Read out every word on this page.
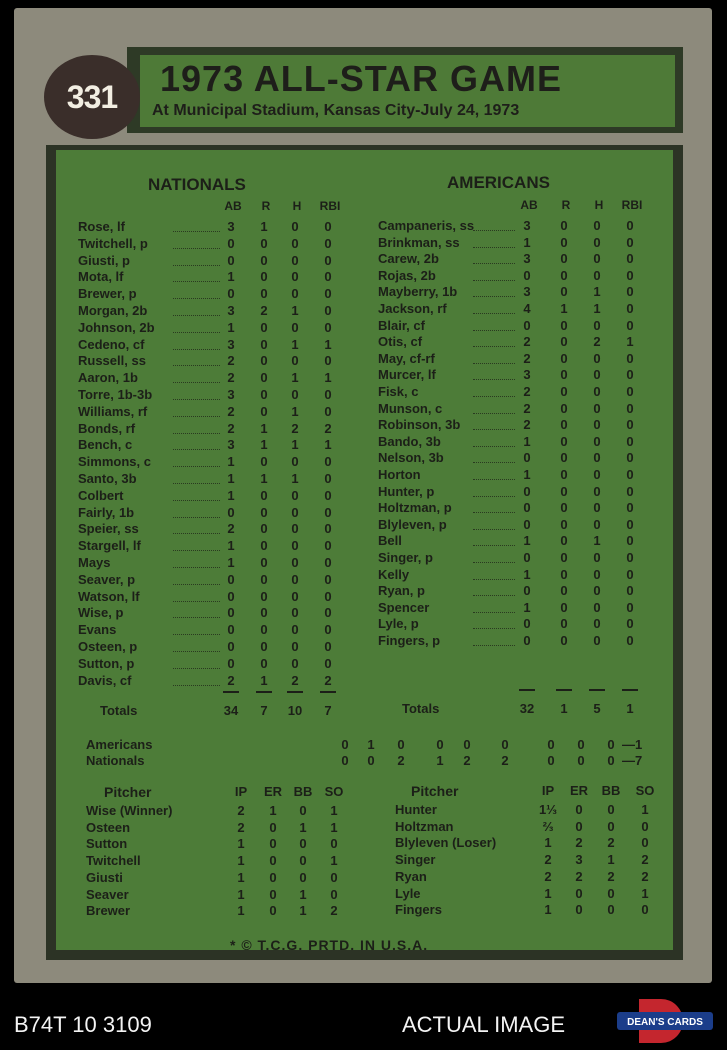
331	1973 ALL-STAR GAME
At Municipal Stadium, Kansas City-July 24, 1973
NATIONALS	AMERICANS
AB	R	H	RBI
Rose, lf	3	1	0	0
Twitchell, p	0	0	0	0
Giusti, p	0	0	0	0
Mota, lf	1	0	0	0
Brewer, p	0	0	0	0
Morgan, 2b	3	2	1	0
Johnson, 2b	1	0	0	0
Cedeno, cf	3	0	1	1
Russell, ss	2	0	0	0
Aaron, 1b	2	0	1	1
Torre, 1b-3b	3	0	0	0
Williams, rf	2	0	1	0
Bonds, rf	2	1	2	2
Bench, c	3	1	1	1
Simmons, c	1	0	0	0
Santo, 3b	1	1	1	0
Colbert	1	0	0	0
Fairly, 1b	0	0	0	0
Speier, ss	2	0	0	0
Stargell, lf	1	0	0	0
Mays	1	0	0	0
Seaver, p	0	0	0	0
Watson, lf	0	0	0	0
Wise, p	0	0	0	0
Evans	0	0	0	0
Osteen, p	0	0	0	0
Sutton, p	0	0	0	0
Davis, cf	2	1	2	2
Totals	34	7	10	7
AB	R	H	RBI
Campaneris, ss	3	0	0	0
Brinkman, ss	1	0	0	0
Carew, 2b	3	0	0	0
Rojas, 2b	0	0	0	0
Mayberry, 1b	3	0	1	0
Jackson, rf	4	1	1	0
Blair, cf	0	0	0	0
Otis, cf	2	0	2	1
May, cf-rf	2	0	0	0
Murcer, lf	3	0	0	0
Fisk, c	2	0	0	0
Munson, c	2	0	0	0
Robinson, 3b	2	0	0	0
Bando, 3b	1	0	0	0
Nelson, 3b	0	0	0	0
Horton	1	0	0	0
Hunter, p	0	0	0	0
Holtzman, p	0	0	0	0
Blyleven, p	0	0	0	0
Bell	1	0	1	0
Singer, p	0	0	0	0
Kelly	1	0	0	0
Ryan, p	0	0	0	0
Spencer	1	0	0	0
Lyle, p	0	0	0	0
Fingers, p	0	0	0	0
Totals	32	1	5	1
Americans	0	1	0	0	0	0	0	0	0 —1
Nationals	0	0	2	1	2	2	0	0	0 —7
Pitcher	IP	ER BB SO
Wise (Winner)	2	1	0	1
Osteen	2	0	1	1
Sutton	1	0	0	0
Twitchell	1	0	0	1
Giusti	1	0	0	0
Seaver	1	0	1	0
Brewer	1	0	1	2
Pitcher	IP	ER BB SO
Hunter	1⅓	0	0	1
Holtzman	⅔	0	0	0
Blyleven (Loser)	1	2	2	0
Singer	2	3	1	2
Ryan	2	2	2	2
Lyle	1	0	0	1
Fingers	1	0	0	0
* © T.C.G. PRTD. IN U.S.A.
B74T 10 3109	ACTUAL IMAGE	DEAN'S CARDS
